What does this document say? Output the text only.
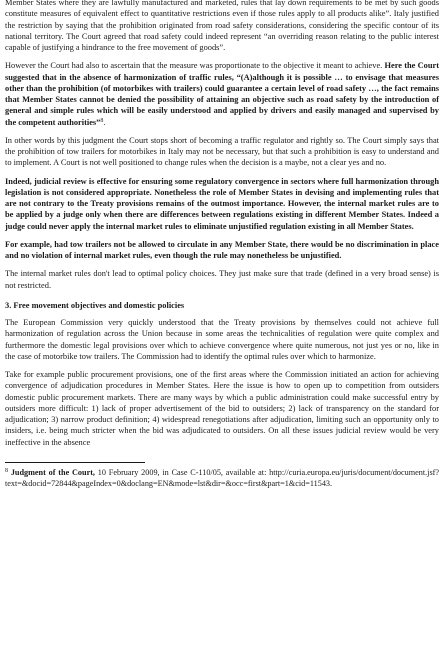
Member States where they are lawfully manufactured and marketed, rules that lay down requirements to be met by such goods constitute measures of equivalent effect to quantitative restrictions even if those rules apply to all products alike”. Italy justified the restriction by saying that the prohibition originated from road safety considerations, considering the specific contour of its national territory. The Court agreed that road safety could indeed represent “an overriding reason relating to the public interest capable of justifying a hindrance to the free movement of goods”.

However the Court had also to ascertain that the measure was proportionate to the objective it meant to achieve. Here the Court suggested that in the absence of harmonization of traffic rules, “(A)although it is possible … to envisage that measures other than the prohibition (of motorbikes with trailers) could guarantee a certain level of road safety …, the fact remains that Member States cannot be denied the possibility of attaining an objective such as road safety by the introduction of general and simple rules which will be easily understood and applied by drivers and easily managed and supervised by the competent authorities”$^8$.

In other words by this judgment the Court stops short of becoming a traffic regulator and rightly so. The Court simply says that the prohibition of tow trailers for motorbikes in Italy may not be necessary, but that such a prohibition is easy to understand and to implement. A Court is not well positioned to change rules when the decision is a maybe, not a clear yes and no.

Indeed, judicial review is effective for ensuring some regulatory convergence in sectors where full harmonization through legislation is not considered appropriate. Nonetheless the role of Member States in devising and implementing rules that are not contrary to the Treaty provisions remains of the outmost importance. However, the internal market rules are to be applied by a judge only when there are differences between regulations existing in different Member States. Indeed a judge could never apply the internal market rules to eliminate unjustified regulation existing in all Member States.

For example, had tow trailers not be allowed to circulate in any Member State, there would be no discrimination in place and no violation of internal market rules, even though the rule may nonetheless be unjustified.

The internal market rules don't lead to optimal policy choices. They just make sure that trade (defined in a very broad sense) is not restricted.

3. Free movement objectives and domestic policies

The European Commission very quickly understood that the Treaty provisions by themselves could not achieve full harmonization of regulation across the Union because in some areas the technicalities of regulation were quite complex and furthermore the domestic legal provisions over which to achieve convergence where quite numerous, not just yes or no, like in the case of motorbike tow trailers. The Commission had to identify the optimal rules over which to harmonize.

Take for example public procurement provisions, one of the first areas where the Commission initiated an action for achieving convergence of adjudication procedures in Member States. Here the issue is how to open up to competition from outsiders domestic public procurement markets. There are many ways by which a public administration could make successful entry by outsiders more difficult: 1) lack of proper advertisement of the bid to outsiders; 2) lack of transparency on the standard for adjudication; 3) narrow product definition; 4) widespread renegotiations after adjudication, limiting such an opportunity only to insiders, i.e. being much stricter when the bid was adjudicated to outsiders. On all these issues judicial review would be very ineffective in the absence

$^8$ Judgment of the Court, 10 February 2009, in Case C-110/05, available at: http://curia.europa.eu/juris/document/document.jsf?text=&docid=72844&pageIndex=0&doclang=EN&mode=lst&dir=&occ=first&part=1&cid=11543.
